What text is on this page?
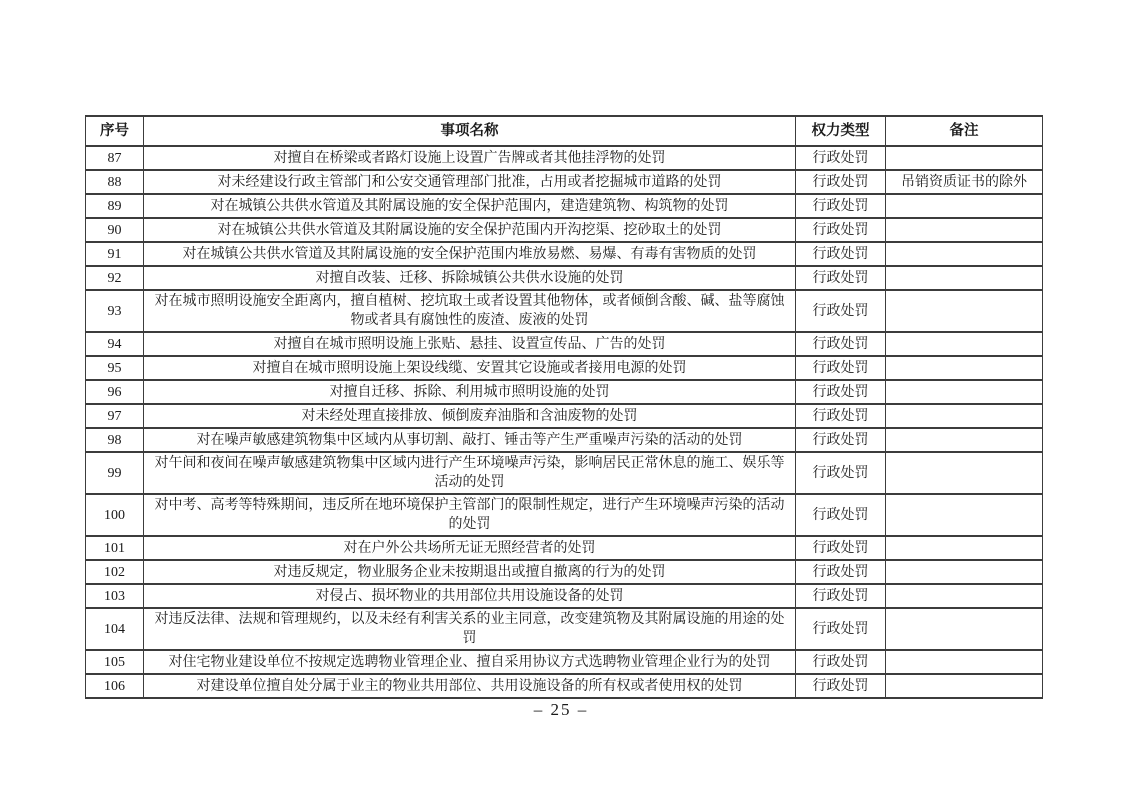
序号	事项名称	权力类型	备注
87	对擅自在桥梁或者路灯设施上设置广告牌或者其他挂浮物的处罚	行政处罚	
88	对未经建设行政主管部门和公安交通管理部门批准，占用或者挖掘城市道路的处罚	行政处罚	吊销资质证书的除外
89	对在城镇公共供水管道及其附属设施的安全保护范围内，建造建筑物、构筑物的处罚	行政处罚	
90	对在城镇公共供水管道及其附属设施的安全保护范围内开沟挖渠、挖砂取土的处罚	行政处罚	
91	对在城镇公共供水管道及其附属设施的安全保护范围内堆放易燃、易爆、有毒有害物质的处罚	行政处罚	
92	对擅自改装、迁移、拆除城镇公共供水设施的处罚	行政处罚	
93	对在城市照明设施安全距离内，擅自植树、挖坑取土或者设置其他物体，或者倾倒含酸、碱、盐等腐蚀物或者具有腐蚀性的废渣、废液的处罚	行政处罚	
94	对擅自在城市照明设施上张贴、悬挂、设置宣传品、广告的处罚	行政处罚	
95	对擅自在城市照明设施上架设线缆、安置其它设施或者接用电源的处罚	行政处罚	
96	对擅自迁移、拆除、利用城市照明设施的处罚	行政处罚	
97	对未经处理直接排放、倾倒废弃油脂和含油废物的处罚	行政处罚	
98	对在噪声敏感建筑物集中区域内从事切割、敲打、锤击等产生严重噪声污染的活动的处罚	行政处罚	
99	对午间和夜间在噪声敏感建筑物集中区域内进行产生环境噪声污染，影响居民正常休息的施工、娱乐等活动的处罚	行政处罚	
100	对中考、高考等特殊期间，违反所在地环境保护主管部门的限制性规定，进行产生环境噪声污染的活动的处罚	行政处罚	
101	对在户外公共场所无证无照经营者的处罚	行政处罚	
102	对违反规定，物业服务企业未按期退出或擅自撤离的行为的处罚	行政处罚	
103	对侵占、损坏物业的共用部位共用设施设备的处罚	行政处罚	
104	对违反法律、法规和管理规约，以及未经有利害关系的业主同意，改变建筑物及其附属设施的用途的处罚	行政处罚	
105	对住宅物业建设单位不按规定选聘物业管理企业、擅自采用协议方式选聘物业管理企业行为的处罚	行政处罚	
106	对建设单位擅自处分属于业主的物业共用部位、共用设施设备的所有权或者使用权的处罚	行政处罚	
– 25 –
